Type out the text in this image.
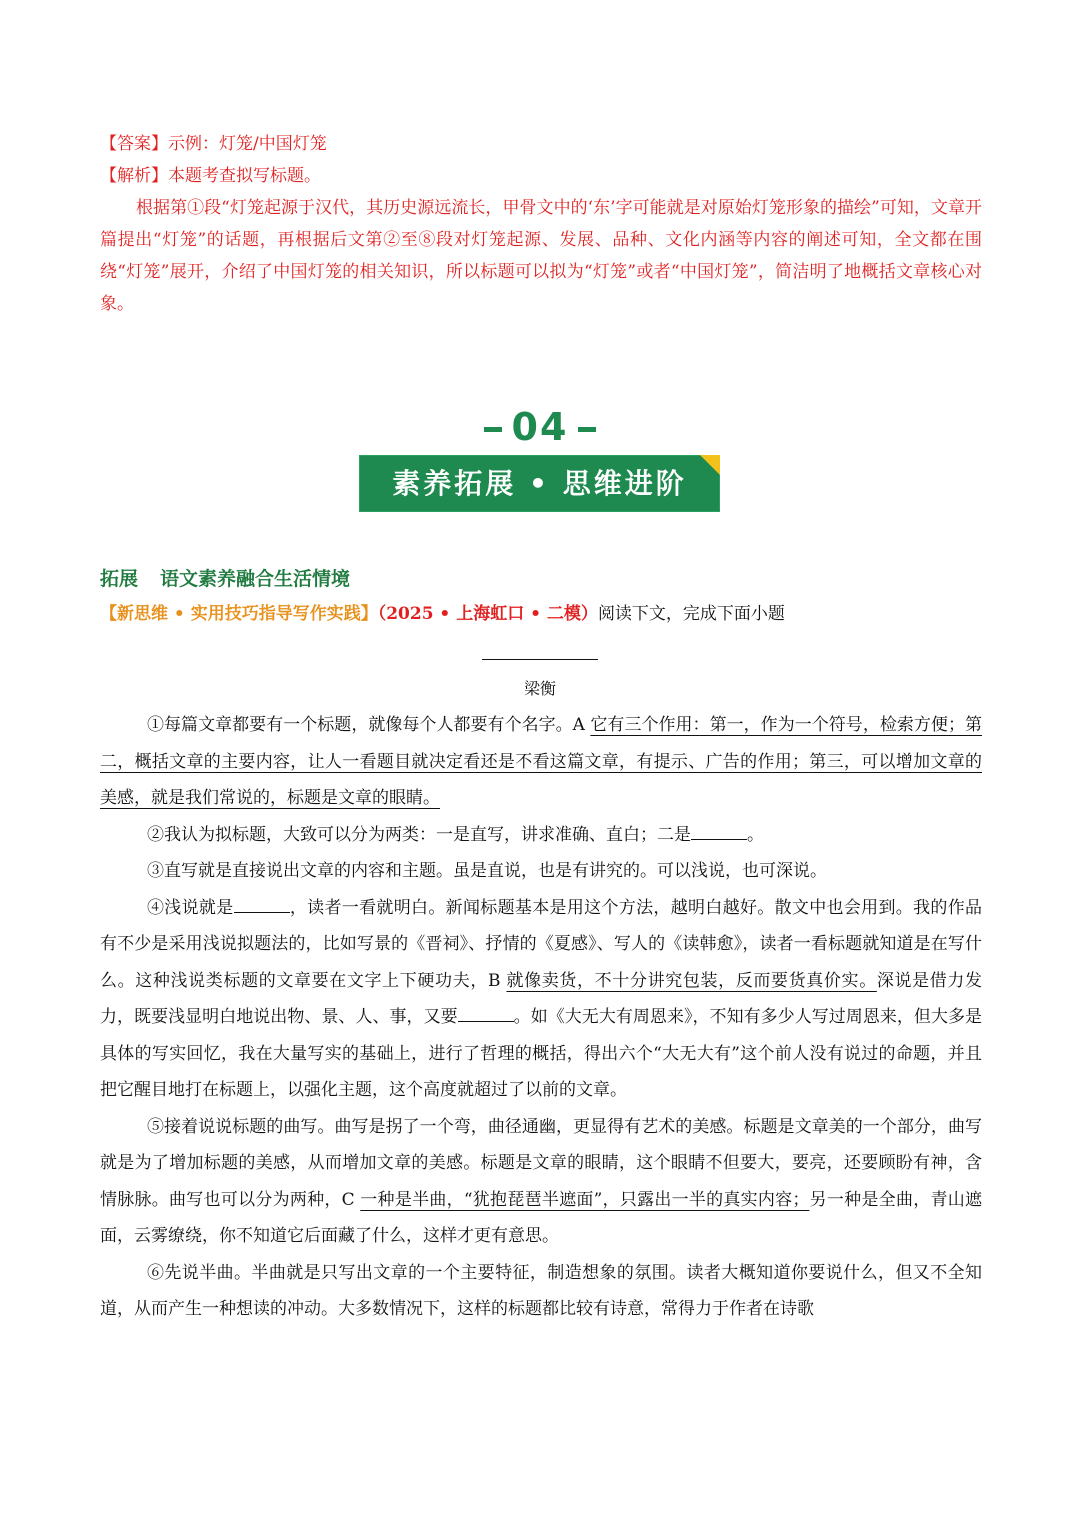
【答案】示例：灯笼/中国灯笼
【解析】本题考查拟写标题。
根据第①段“灯笼起源于汉代，其历史源远流长，甲骨文中的‘东’字可能就是对原始灯笼形象的描绘”可知，文章开篇提出“灯笼”的话题，再根据后文第②至⑧段对灯笼起源、发展、品种、文化内涵等内容的阐述可知，全文都在围绕“灯笼”展开，介绍了中国灯笼的相关知识，所以标题可以拟为“灯笼”或者“中国灯笼”，简洁明了地概括文章核心对象。
04
素养拓展 • 思维进阶
拓展 语文素养融合生活情境
【新思维 • 实用技巧指导写作实践】（2025 • 上海虹口 • 二模）阅读下文，完成下面小题
梁衡

①每篇文章都要有一个标题，就像每个人都要有个名字。A 它有三个作用：第一，作为一个符号，检索方便；第二，概括文章的主要内容，让人一看题目就决定看还是不看这篇文章，有提示、广告的作用；第三，可以增加文章的美感，就是我们常说的，标题是文章的眼睛。

②我认为拟标题，大致可以分为两类：一是直写，讲求准确、直白；二是	。

③直写就是直接说出文章的内容和主题。虽是直说，也是有讲究的。可以浅说，也可深说。

④浅说就是	，读者一看就明白。新闻标题基本是用这个方法，越明白越好。散文中也会用到。我的作品有不少是采用浅说拟题法的，比如写景的《晋祠》、抒情的《夏感》、写人的《读韩愈》，读者一看标题就知道是在写什么。这种浅说类标题的文章要在文字上下硬功夫，B 就像卖货，不十分讲究包装，反而要货真价实。深说是借力发力，既要浅显明白地说出物、景、人、事，又要	。如《大无大有周恩来》，不知有多少人写过周恩来，但大多是具体的写实回忆，我在大量写实的基础上，进行了哲理的概括，得出六个“大无大有”这个前人没有说过的命题，并且把它醒目地打在标题上，以强化主题，这个高度就超过了以前的文章。

⑤接着说说标题的曲写。曲写是拐了一个弯，曲径通幽，更显得有艺术的美感。标题是文章美的一个部分，曲写就是为了增加标题的美感，从而增加文章的美感。标题是文章的眼睛，这个眼睛不但要大，要亮，还要顾盼有神，含情脉脉。曲写也可以分为两种，C 一种是半曲，“犹抱琵琶半遮面”，只露出一半的真实内容；另一种是全曲，青山遮面，云雾缭绕，你不知道它后面藏了什么，这样才更有意思。

⑥先说半曲。半曲就是只写出文章的一个主要特征，制造想象的氛围。读者大概知道你要说什么，但又不全知道，从而产生一种想读的冲动。大多数情况下，这样的标题都比较有诗意，常得力于作者在诗歌
